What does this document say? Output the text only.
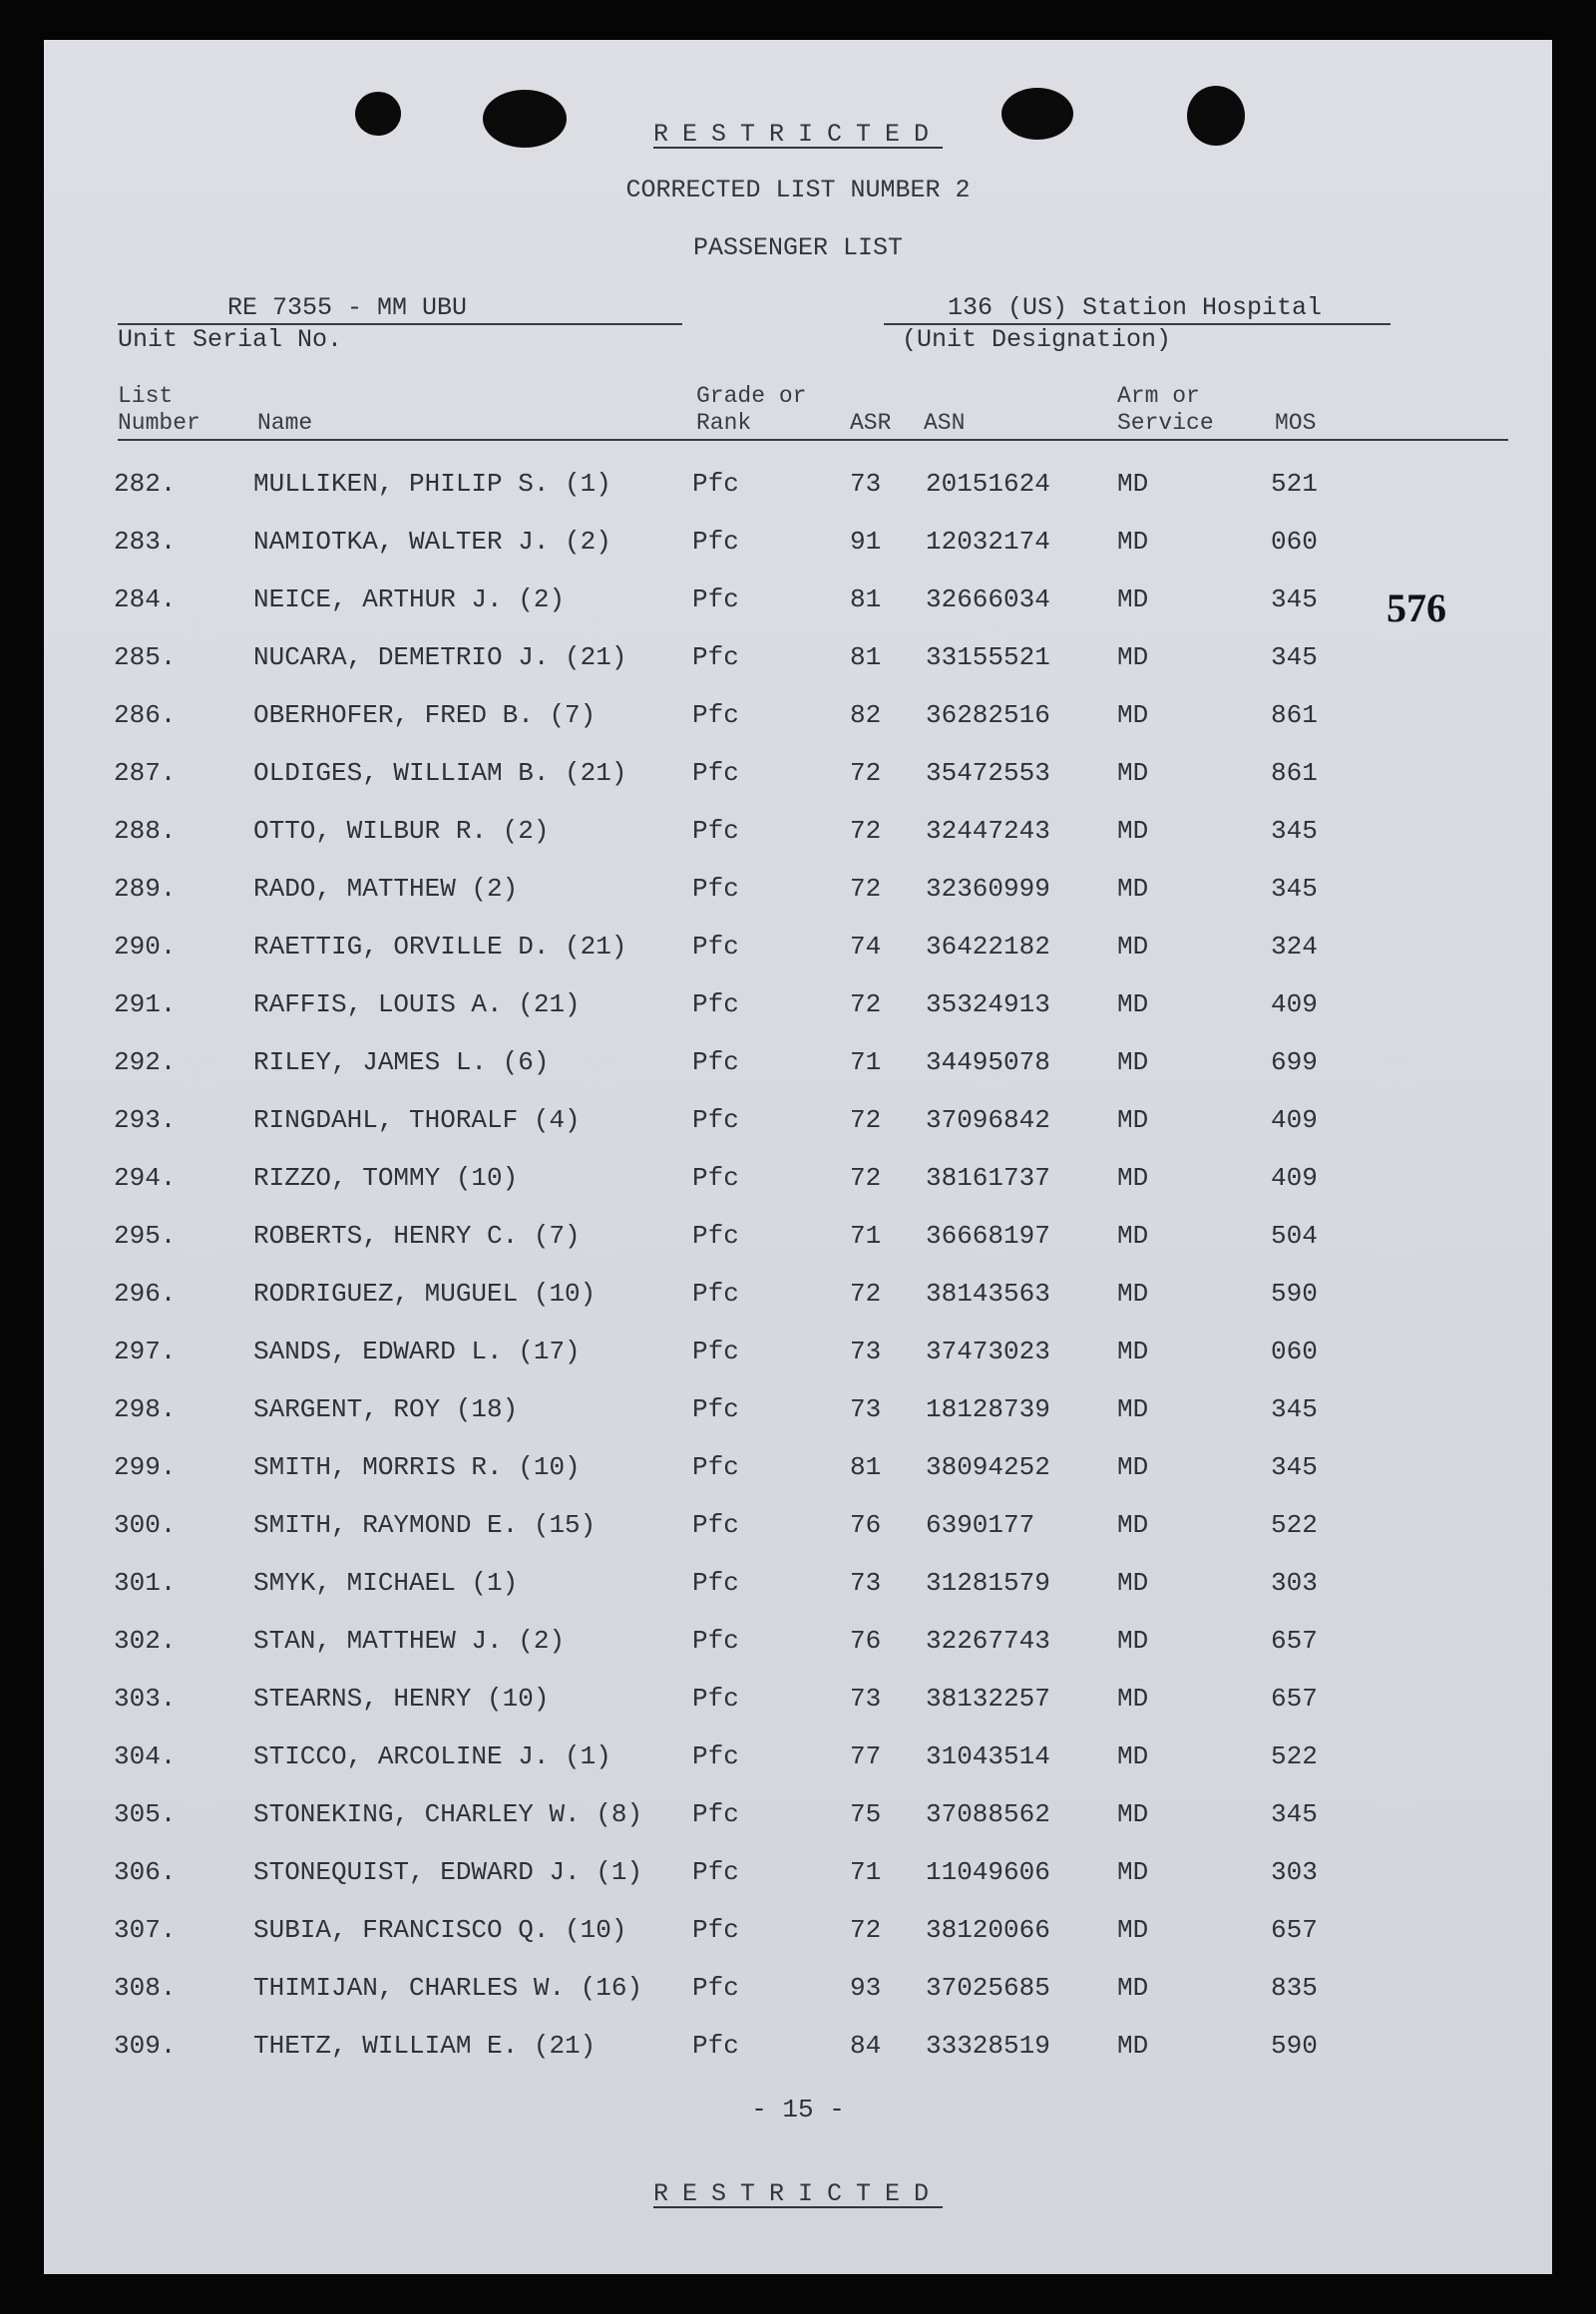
RESTRICTED
CORRECTED LIST NUMBER 2
PASSENGER LIST
RE 7355 - MM UBU
Unit Serial No.
136 (US) Station Hospital
(Unit Designation)
List
Number Name
Grade or
Rank	ASR ASN
Arm or
Service	MOS
282.	MULLIKEN, PHILIP S. (1)	Pfc	73 20151624	MD	521
283.	NAMIOTKA, WALTER J. (2)	Pfc	91 12032174	MD	060
284.	NEICE, ARTHUR J. (2)	Pfc	81 32666034	MD	345
285.	NUCARA, DEMETRIO J. (21)	Pfc	81 33155521	MD	345
286.	OBERHOFER, FRED B. (7)	Pfc	82 36282516	MD	861
287.	OLDIGES, WILLIAM B. (21)	Pfc	72 35472553	MD	861
288.	OTTO, WILBUR R. (2)	Pfc	72 32447243	MD	345
289.	RADO, MATTHEW (2)	Pfc	72 32360999	MD	345
290.	RAETTIG, ORVILLE D. (21)	Pfc	74 36422182	MD	324
291.	RAFFIS, LOUIS A. (21)	Pfc	72 35324913	MD	409
292.	RILEY, JAMES L. (6)	Pfc	71 34495078	MD	699
293.	RINGDAHL, THORALF (4)	Pfc	72 37096842	MD	409
294.	RIZZO, TOMMY (10)	Pfc	72 38161737	MD	409
295.	ROBERTS, HENRY C. (7)	Pfc	71 36668197	MD	504
296.	RODRIGUEZ, MUGUEL (10)	Pfc	72 38143563	MD	590
297.	SANDS, EDWARD L. (17)	Pfc	73 37473023	MD	060
298.	SARGENT, ROY (18)	Pfc	73 18128739	MD	345
299.	SMITH, MORRIS R. (10)	Pfc	81 38094252	MD	345
300.	SMITH, RAYMOND E. (15)	Pfc	76 6390177	MD	522
301.	SMYK, MICHAEL (1)	Pfc	73 31281579	MD	303
302.	STAN, MATTHEW J. (2)	Pfc	76 32267743	MD	657
303.	STEARNS, HENRY (10)	Pfc	73 38132257	MD	657
304.	STICCO, ARCOLINE J. (1)	Pfc	77 31043514	MD	522
305.	STONEKING, CHARLEY W. (8) Pfc	75 37088562	MD	345
306.	STONEQUIST, EDWARD J. (1) Pfc	71 11049606	MD	303
307.	SUBIA, FRANCISCO Q. (10)	Pfc	72 38120066	MD	657
308.	THIMIJAN, CHARLES W. (16) Pfc	93 37025685	MD	835
309.	THETZ, WILLIAM E. (21)	Pfc	84 33328519	MD	590
576
- 15 -
RESTRICTED
